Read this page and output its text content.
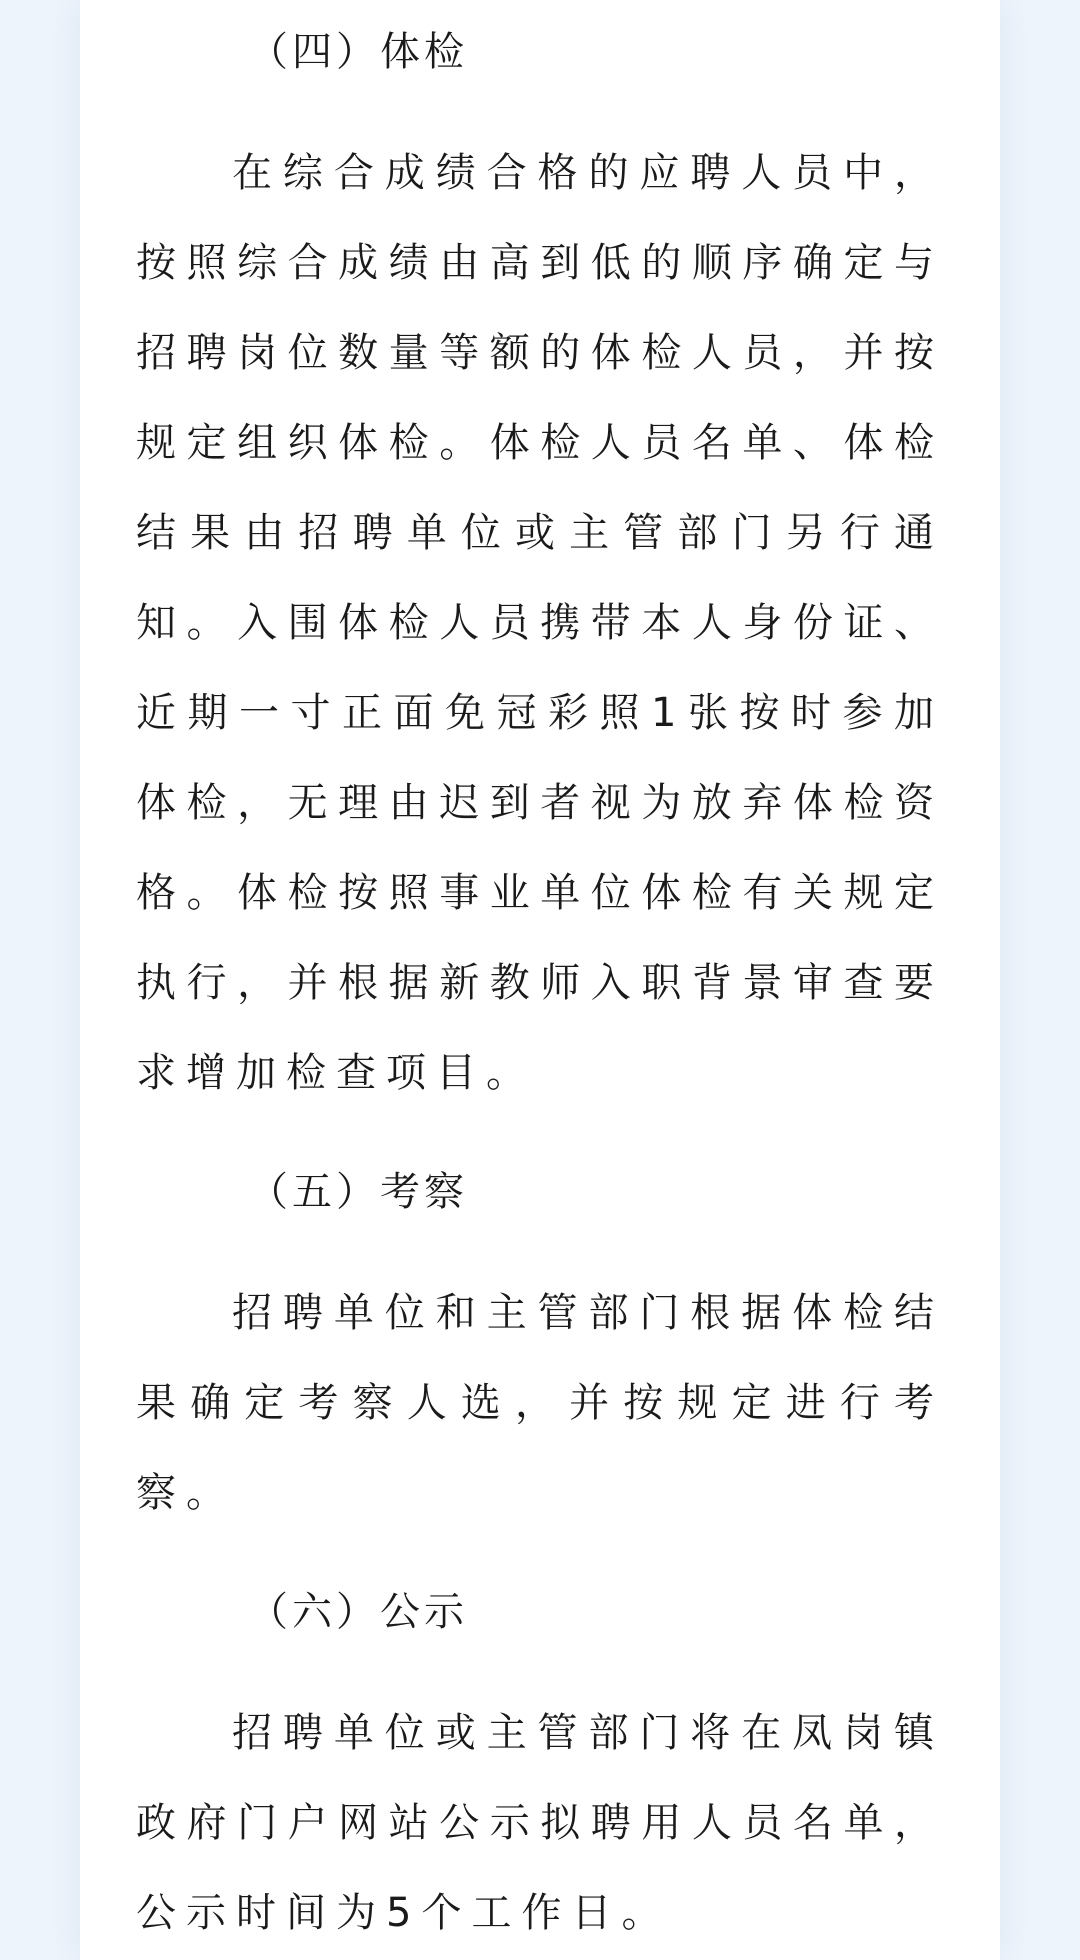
（四）体检
在综合成绩合格的应聘人员中，按照综合成绩由高到低的顺序确定与招聘岗位数量等额的体检人员，并按规定组织体检。体检人员名单、体检结果由招聘单位或主管部门另行通知。入围体检人员携带本人身份证、近期一寸正面免冠彩照1张按时参加体检，无理由迟到者视为放弃体检资格。体检按照事业单位体检有关规定执行，并根据新教师入职背景审查要求增加检查项目。
（五）考察
招聘单位和主管部门根据体检结果确定考察人选，并按规定进行考察。
（六）公示
招聘单位或主管部门将在凤岗镇政府门户网站公示拟聘用人员名单，公示时间为5个工作日。
